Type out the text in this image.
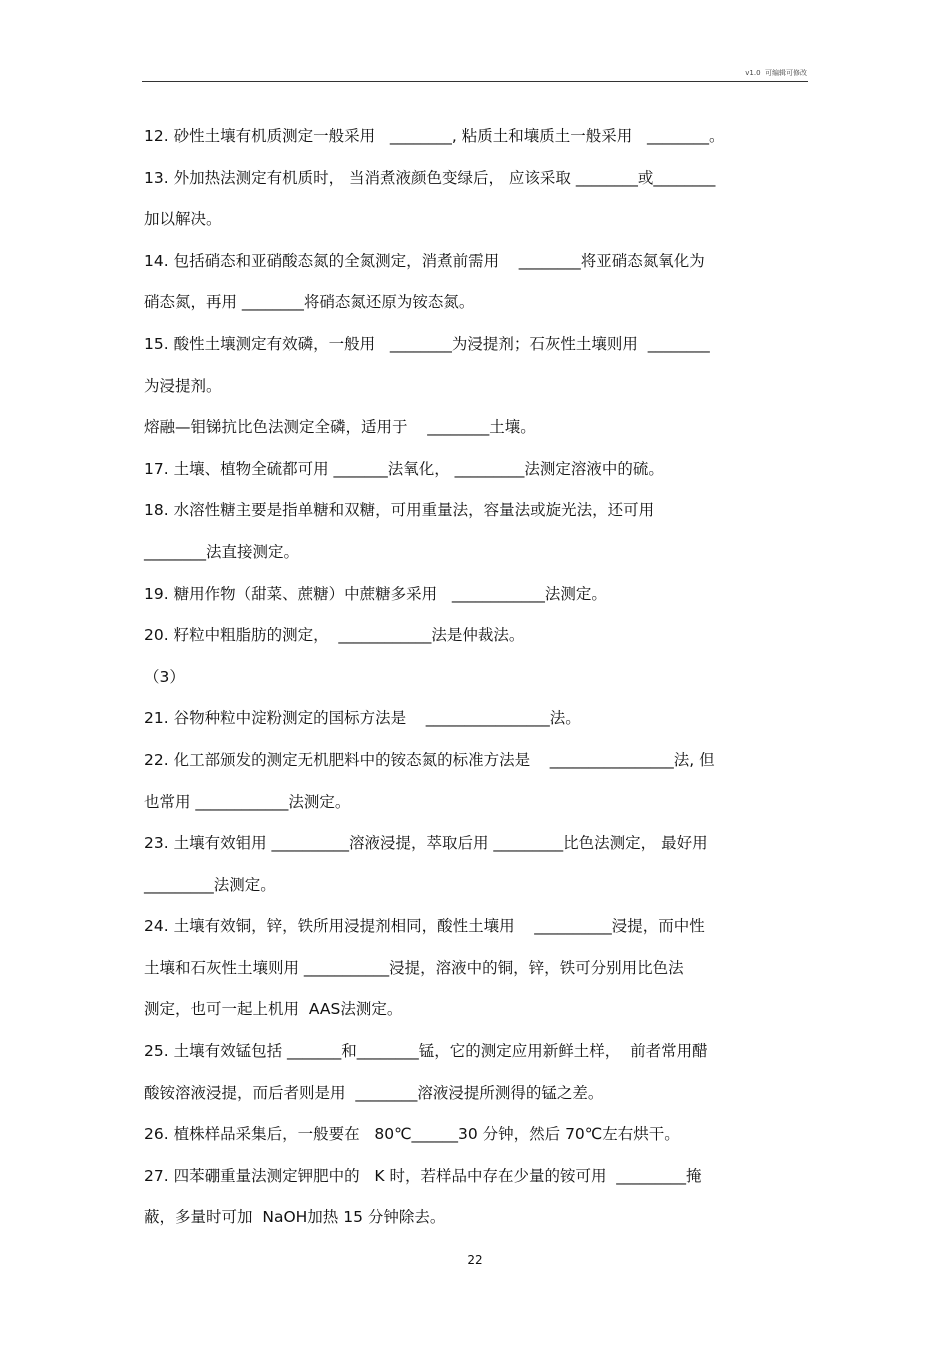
v1.0  可编辑可修改
12. 砂性土壤有机质测定一般采用   ________, 粘质土和壤质土一般采用   ________。
13. 外加热法测定有机质时， 当消煮液颜色变绿后， 应该采取 ________或________
加以解决。
14. 包括硝态和亚硝酸态氮的全氮测定，消煮前需用    ________将亚硝态氮氧化为
硝态氮，再用 ________将硝态氮还原为铵态氮。
15. 酸性土壤测定有效磷，一般用   ________为浸提剂；石灰性土壤则用  ________
为浸提剂。
熔融—钼锑抗比色法测定全磷，适用于    ________土壤。
17. 土壤、植物全硫都可用 _______法氧化， _________法测定溶液中的硫。
18. 水溶性糖主要是指单糖和双糖，可用重量法，容量法或旋光法，还可用
________法直接测定。
19. 糖用作物（甜菜、蔗糖）中蔗糖多采用   ____________法测定。
20. 籽粒中粗脂肪的测定，  ____________法是仲裁法。
（3）
21. 谷物种粒中淀粉测定的国标方法是    ________________法。
22. 化工部颁发的测定无机肥料中的铵态氮的标准方法是    ________________法, 但
也常用 ____________法测定。
23. 土壤有效钼用 __________溶液浸提，萃取后用 _________比色法测定， 最好用
_________法测定。
24. 土壤有效铜，锌，铁所用浸提剂相同，酸性土壤用    __________浸提，而中性
土壤和石灰性土壤则用 ___________浸提，溶液中的铜，锌，铁可分别用比色法
测定，也可一起上机用  AAS法测定。
25. 土壤有效锰包括 _______和________锰，它的测定应用新鲜土样，  前者常用醋
酸铵溶液浸提，而后者则是用  ________溶液浸提所测得的锰之差。
26. 植株样品采集后，一般要在   80℃______30 分钟，然后 70℃左右烘干。
27. 四苯硼重量法测定钾肥中的   K 时，若样品中存在少量的铵可用  _________掩
蔽，多量时可加  NaOH加热 15 分钟除去。
22
